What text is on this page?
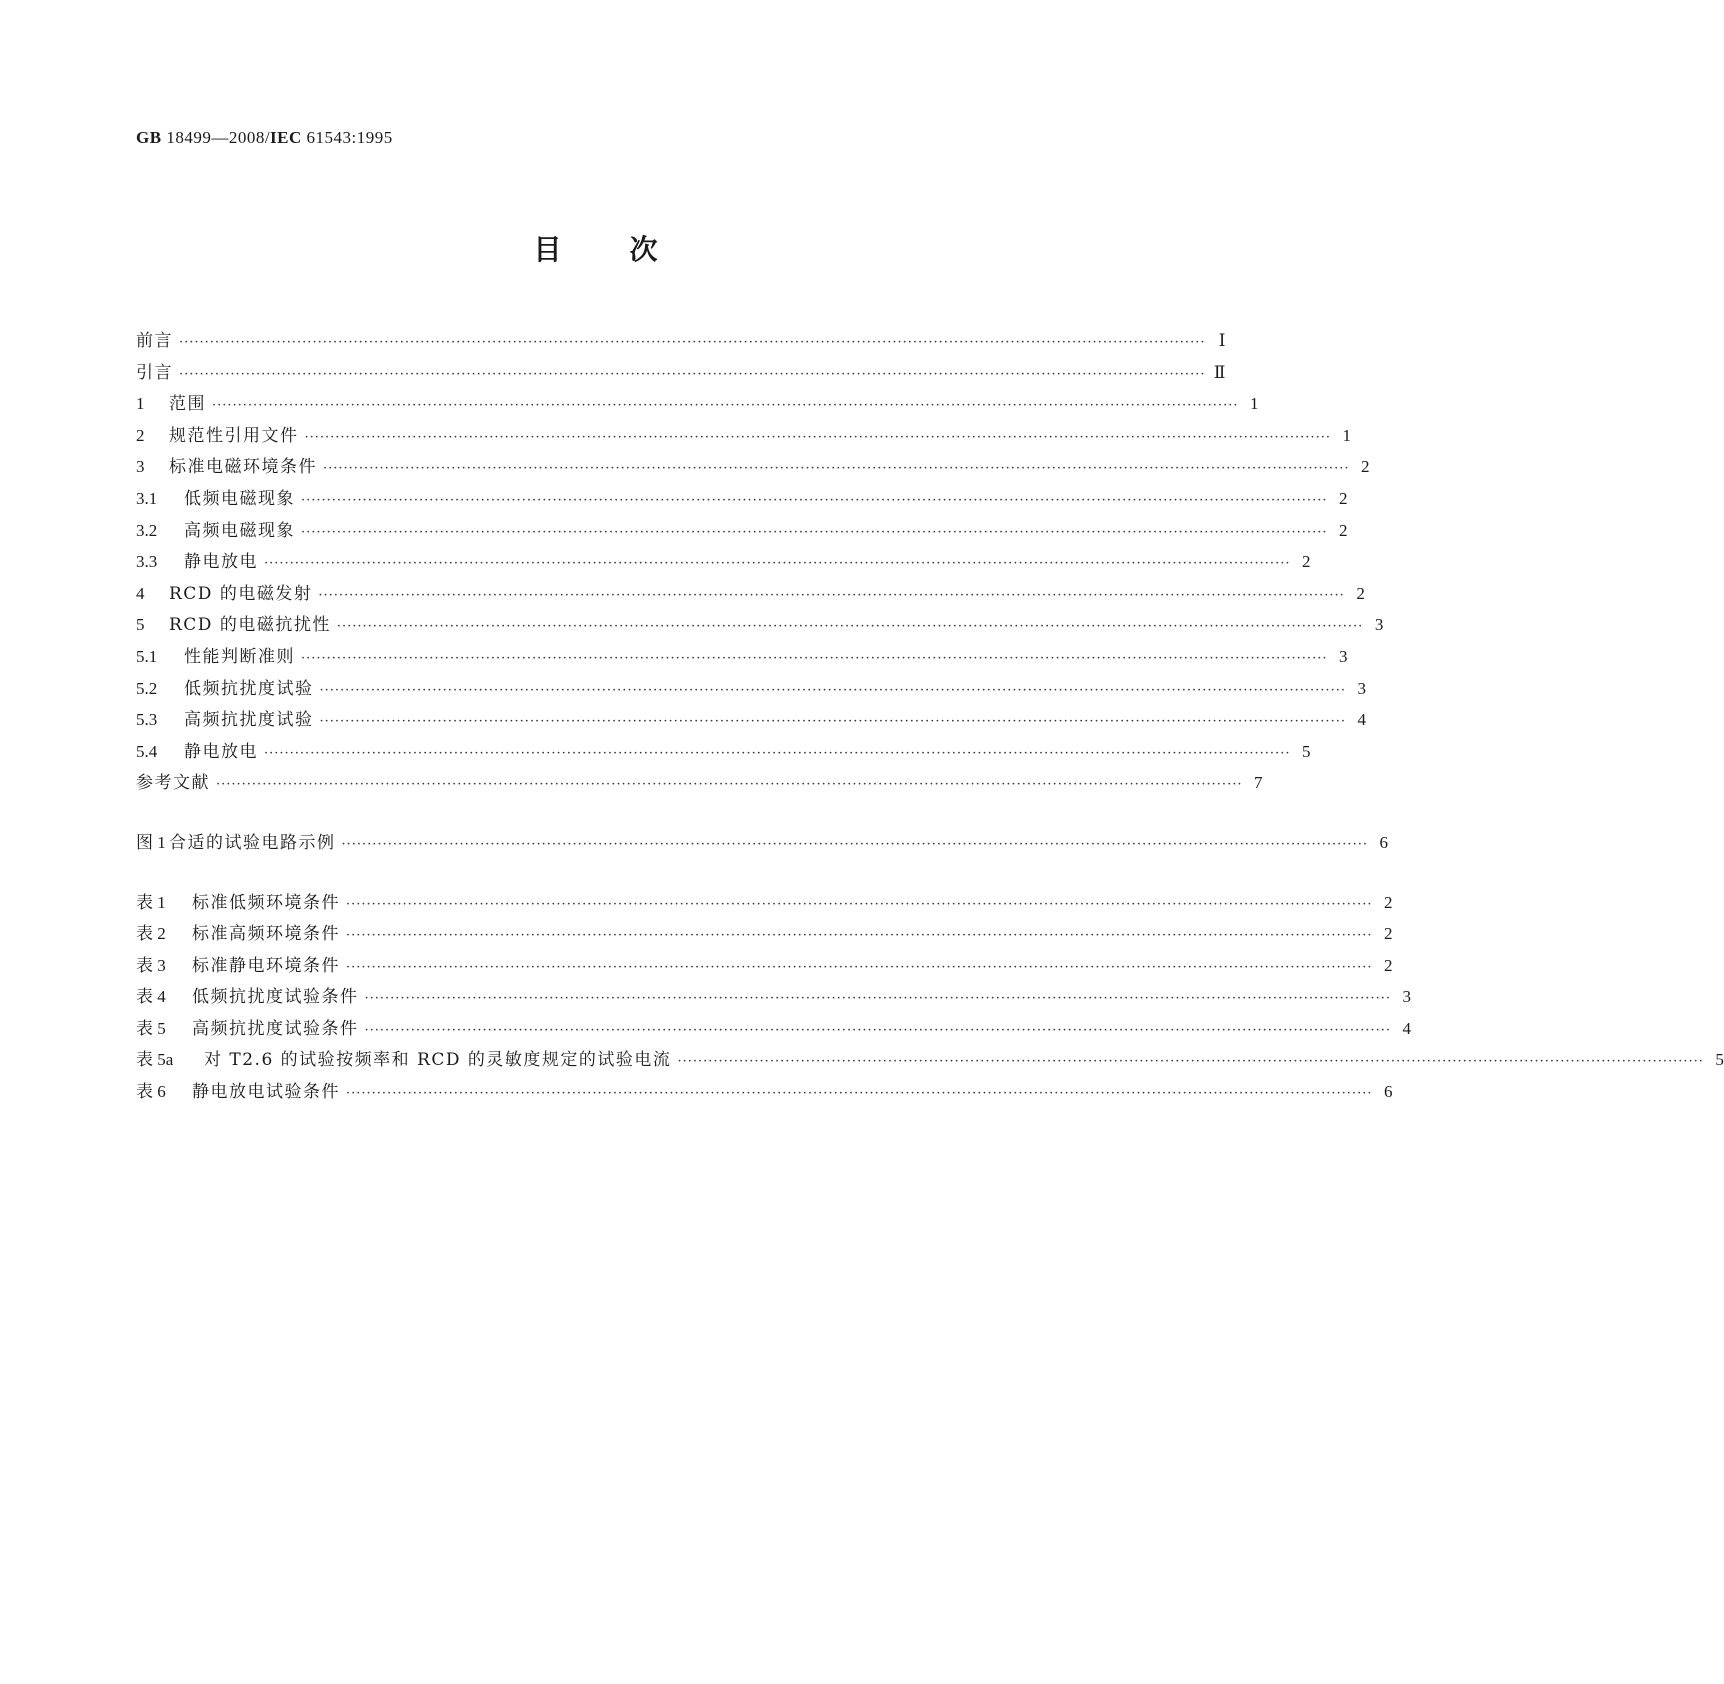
GB 18499—2008/IEC 61543:1995
目次
前言 ········································································································································································································ Ⅰ
引言 ········································································································································································································ Ⅱ
1	范围 ········································································································································································································ 1
2	规范性引用文件 ········································································································································································································ 1
3	标准电磁环境条件 ········································································································································································································ 2
3.1	低频电磁现象 ········································································································································································································ 2
3.2	高频电磁现象 ········································································································································································································ 2
3.3	静电放电 ········································································································································································································ 2
4	RCD 的电磁发射 ········································································································································································································ 2
5	RCD 的电磁抗扰性 ········································································································································································································ 3
5.1	性能判断准则 ········································································································································································································ 3
5.2	低频抗扰度试验 ········································································································································································································ 3
5.3	高频抗扰度试验 ········································································································································································································ 4
5.4	静电放电 ········································································································································································································ 5
参考文献 ········································································································································································································ 7
图 1 合适的试验电路示例 ········································································································································································································ 6
表 1	标准低频环境条件 ········································································································································································································ 2
表 2	标准高频环境条件 ········································································································································································································ 2
表 3	标准静电环境条件 ········································································································································································································ 2
表 4	低频抗扰度试验条件 ········································································································································································································ 3
表 5	高频抗扰度试验条件 ········································································································································································································ 4
表 5a	对 T2.6 的试验按频率和 RCD 的灵敏度规定的试验电流 ········································································································································································································ 5
表 6	静电放电试验条件 ········································································································································································································ 6
